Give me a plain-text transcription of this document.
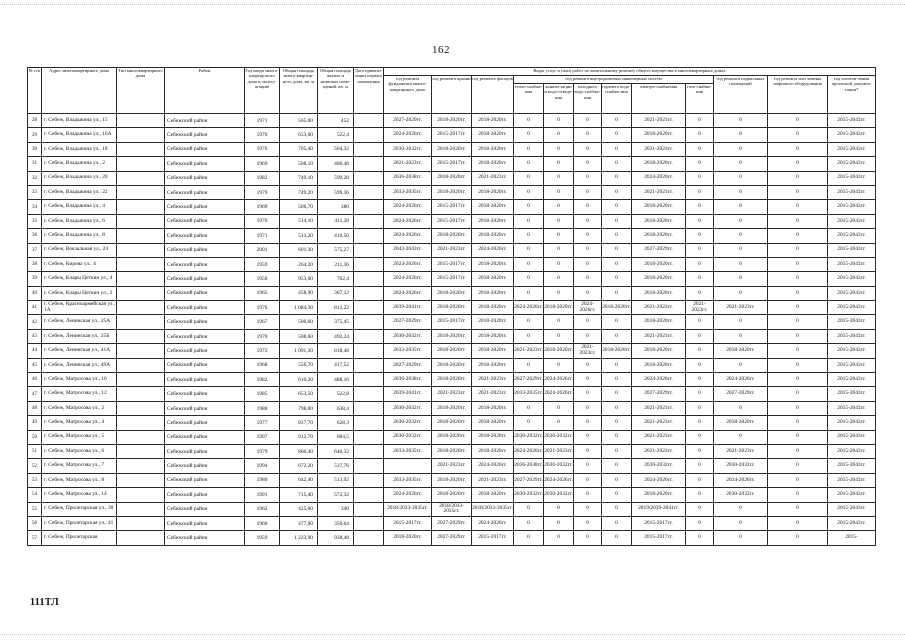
162
№ п/п	Адрес многоквартирного дома	Тип многоквартирного дома	Район	Год ввода много-квартир-ного дома в эксплу-атацию	Общая площадь много-квартир-ного дома, кв. м	Общая площадь жилых и нежилых поме-щений, кв. м	Дата привати-зации первого помещения	Виды услуг и (или) работ по капитальному ремонту общего имущества в многоквартирных домах											
								год ремонта фундамента много-квартирного дома	год ремонта крыши	год ремонта фасадов	год ремонта внутридомовых инженерных систем						год ремонта подвальных помещений	год ремонта или замены лифтового оборудования	год изготов-ления проектной докумен-тации*
											тепло-снабже-ния	канали-зации и водо-отведе-ния	холодного водо-снабже-ния	горячего водо-снабже-ния	электро-снабжения	газо-снабже-ния			
28	г. Себеж, Владыкина ул., 15		Себежский район	1971	565,00	452		2027-2029гг.	2018-2020гг.	2018-2020гг.	0	0	0	0	2021-2023гг.	0	0	0	2015-2043гг.
29	г. Себеж, Владыкина ул., 16А		Себежский район	1970	653,00	522,4		2024-2026гг.	2015-2017гг.	2018-2020гг.	0	0	0	0	2018-2020гг.	0	0	0	2015-2043гг.
30	г. Себеж, Владыкина ул., 18		Себежский район	1976	705,40	564,32		2030-2032гг.	2018-2020гг.	2018-2020гг.	0	0	0	0	2021-2023гг.	0	0	0	2015-2043гг.
31	г. Себеж, Владыкина ул., 2		Себежский район	1969	508,10	406,48		2021-2023гг.	2015-2017гг.	2018-2020гг.	0	0	0	0	2018-2020гг.	0	0	0	2015-2043гг.
32	г. Себеж, Владыкина ул., 20		Себежский район	1982	749,10	599,28		2036-2038гг.	2018-2020гг.	2021-2023гг.	0	0	0	0	2024-2026гг.	0	0	0	2015-2043гг.
33	г. Себеж, Владыкина ул., 22		Себежский район	1979	749,20	599,36		2033-2035гг.	2018-2020гг.	2018-2020гг.	0	0	0	0	2021-2023гг.	0	0	0	2015-2043гг.
34	г. Себеж, Владыкина ул., 4		Себежский район	1969	506,70	380		2024-2026гг.	2015-2017гг.	2018-2020гг.	0	0	0	0	2018-2020гг.	0	0	0	2015-2043гг.
35	г. Себеж, Владыкина ул., 6		Себежский район	1970	514,10	411,28		2024-2026гг.	2015-2017гг.	2018-2020гг.	0	0	0	0	2018-2020гг.	0	0	0	2015-2043гг.
36	г. Себеж, Владыкина ул., 8		Себежский район	1971	513,20	410,56		2024-2026гг.	2018-2020гг.	2018-2020гг.	0	0	0	0	2018-2020гг.	0	0	0	2015-2043гг.
37	г. Себеж, Вокзальная ул., 24		Себежский район	2001	601,30	575,27		2042-2043гг.	2021-2023гг.	2024-2026гг.	0	0	0	0	2027-2029гг.	0	0	0	2015-2043гг.
38	г. Себеж, Кирова ул., 4		Себежский район	1959	264,20	211,36		2024-2026гг.	2015-2017гг.	2018-2020гг.	0	0	0	0	2018-2020гг.	0	0	0	2015-2043гг.
39	г. Себеж, Клары Цеткин ул., 4		Себежский район	1956	953,00	762,4		2024-2026гг.	2015-2017гг.	2018-2020гг.	0	0	0	0	2018-2020гг.	0	0	0	2015-2043гг.
40	г. Себеж, Клары Цеткин ул., 2		Себежский район	1965	458,90	367,12		2024-2026гг.	2018-2020гг.	2018-2020гг.	0	0	0	0	2018-2020гг.	0	0	0	2015-2043гг.
41	г. Себеж, Красноармейская ул., 1А		Себежский район	1976	1 084,30	813,22		2039-2041гг.	2018-2020гг.	2018-2020гг.	2024-2026гг.	2018-2020гг.	2024-2026гг.	2018-2020гг.	2021-2023гг.	2021-2023гг.	2021-2023гг.	0	2015-2043гг.
42	г. Себеж, Ленинская ул., 25А		Себежский район	1967	500,60	375,45		2027-2029гг.	2015-2017гг.	2018-2020гг.	0	0	0	0	2018-2020гг.	0	0	0	2015-2043гг.
43	г. Себеж, Ленинская ул., 25Б		Себежский район	1970	508,60	492,24		2030-2032гг.	2018-2020гг.	2018-2020гг.	0	0	0	0	2021-2023гг.	0	0	0	2015-2043гг.
44	г. Себеж, Ленинская ул., 41А		Себежский район	1972	1 091,30	818,48		2033-2035гг.	2018-2020гг.	2018-2020гг.	2021-2023гг.	2018-2020гг.	2021-2023гг.	2018-2020гг.	2018-2020гг.	0	2018-2020гг.	0	2015-2043гг.
45	г. Себеж, Ленинская ул., 49А		Себежский район	1968	556,70	417,52		2027-2029гг.	2018-2020гг.	2018-2020гг.	0	0	0	0	2018-2020гг.	0	0	0	2015-2043гг.
46	г. Себеж, Матросова ул., 10		Себежский район	1982	610,20	488,16		2036-2038гг.	2018-2020гг.	2021-2023гг.	2027-2029гг.	2024-2026гг.	0	0	2024-2026гг.	0	2024-2026гг.	0	2015-2043гг.
47	г. Себеж, Матросова ул., 12		Себежский район	1985	653,50	522,8		2039-2041гг.	2021-2023гг.	2021-2023гг.	2033-2035гг.	2024-2026гг.	0	0	2027-2029гг.	0	2027-2029гг.	0	2015-2043гг.
48	г. Себеж, Матросова ул., 2		Себежский район	1988	798,00	638,4		2030-2032гг.	2018-2020гг.	2018-2020гг.	0	0	0	0	2021-2023гг.	0	0	0	2015-2043гг.
49	г. Себеж, Матросова ул., 4		Себежский район	1977	837,70	628,3		2030-2032гг.	2018-2020гг.	2018-2020гг.	0	0	0	0	2021-2023гг.	0	2018-2020гг.	0	2015-2043гг.
50	г. Себеж, Матросова ул., 5		Себежский район	1997	912,70	684,5		2030-2032гг.	2018-2020гг.	2018-2020гг.	2030-2032гг.	2030-2032гг.	0	0	2021-2023гг.	0	0	0	2015-2043гг.
51	г. Себеж, Матросова ул., 6		Себежский район	1979	800,40	640,32		2033-2035гг.	2018-2020гг.	2018-2020гг.	2024-2026гг.	2021-2023гг.	0	0	2021-2023гг.	0	2021-2023гг.	0	2015-2043гг.
52	г. Себеж, Матросова ул., 7		Себежский район	1994	672,20	537,76			2021-2023гг.	2024-2026гг.	2036-2038гг.	2030-2032гг.	0	0	2030-2032гг.	0	2030-2032гг.	0	2015-2043гг.
53	г. Себеж, Матросова ул., 8		Себежский район	1980	642,40	513,92		2033-2035гг.	2018-2020гг.	2021-2023гг.	2027-2029гг.	2024-2026гг.	0	0	2024-2026гг.	0	2024-2026гг.	0	2015-2043гг.
54	г. Себеж, Матросова ул., 14		Себежский район	1991	715,40	572,32		2024-2026гг.	2018-2020гг.	2018-2020гг.	2030-2032гг.	2030-2032гг.	0	0	2018-2020гг.	0	2030-2032гг.	0	2015-2043гг.
55	г. Себеж, Пролетарская ул., 30		Себежский район	1962	425,00	340		2018/2033-2035гг.	2018/2033-2035гг.	2018/2033-2035гг.	0	0	0	0	2019/2039-2041гг.	0	0	0	2015-2043гг.
56	г. Себеж, Пролетарская ул., 41		Себежский район	1960	477,00	350,64		2015-2017гг.	2027-2029гг.	2024-2026гг.	0	0	0	0	2015-2017гг.	0	0	0	2015-2043гг.
57	г. Себеж, Пролетарская		Себежский район	1959	1 223,90	938,48		2018-2020гг.	2027-2029гг.	2015-2017гг.	0	0	0	0	2015-2017гг.	0	0	0	2015-
111ТЛ
